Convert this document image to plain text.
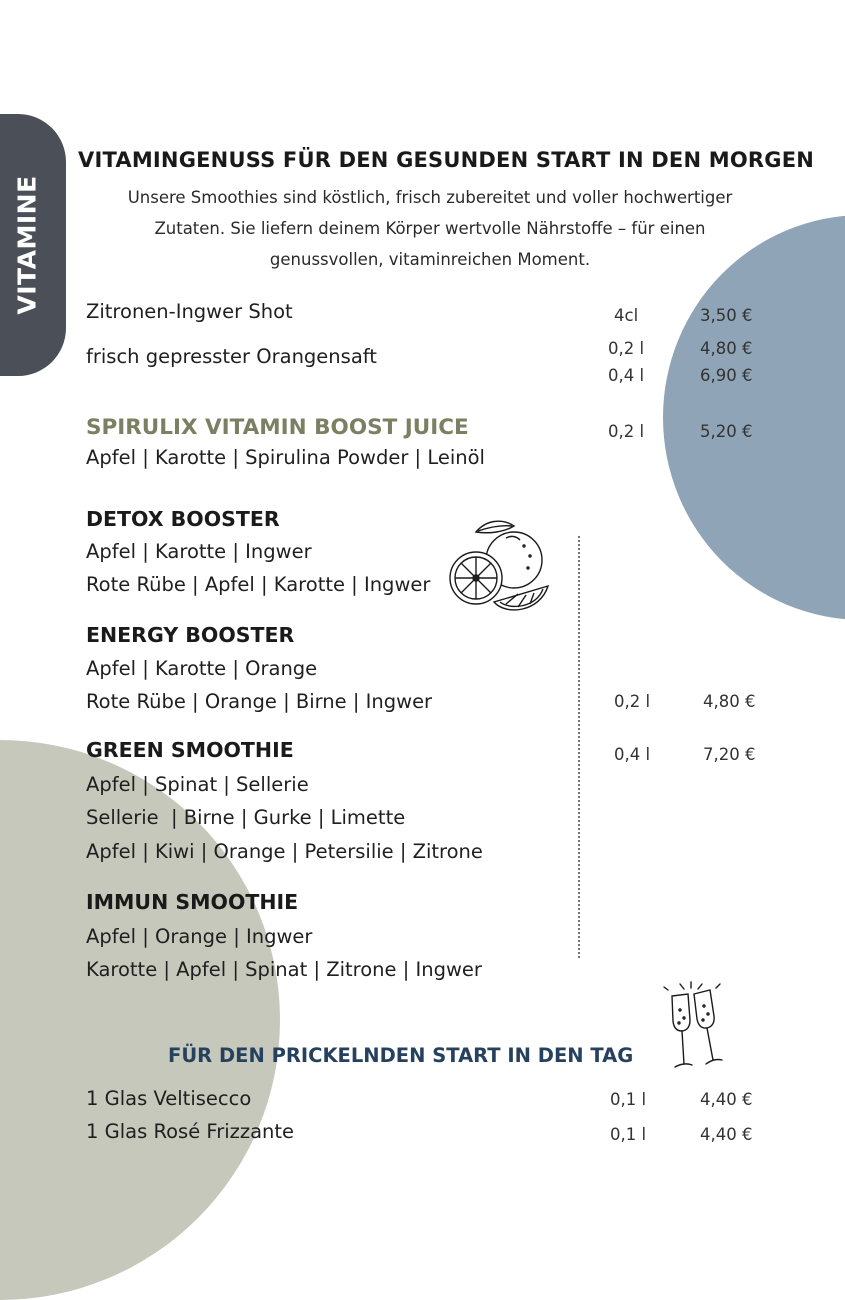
VITAMINE
VITAMINGENUSS FÜR DEN GESUNDEN START IN DEN MORGEN
Unsere Smoothies sind köstlich, frisch zubereitet und voller hochwertiger
Zutaten. Sie liefern deinem Körper wertvolle Nährstoffe – für einen
genussvollen, vitaminreichen Moment.
Zitronen-Ingwer Shot	4cl	3,50 €
frisch gepresster Orangensaft	0,2 l	4,80 €
0,4 l	6,90 €
SPIRULIX VITAMIN BOOST JUICE
Apfel | Karotte | Spirulina Powder | Leinöl
0,2 l	5,20 €
DETOX BOOSTER
Apfel | Karotte | Ingwer
Rote Rübe | Apfel | Karotte | Ingwer
ENERGY BOOSTER
Apfel | Karotte | Orange
Rote Rübe | Orange | Birne | Ingwer	0,2 l	4,80 €
0,4 l	7,20 €
GREEN SMOOTHIE
Apfel | Spinat | Sellerie
Sellerie  | Birne | Gurke | Limette
Apfel | Kiwi | Orange | Petersilie | Zitrone
IMMUN SMOOTHIE
Apfel | Orange | Ingwer
Karotte | Apfel | Spinat | Zitrone | Ingwer
FÜR DEN PRICKELNDEN START IN DEN TAG
1 Glas Veltisecco	0,1 l	4,40 €
1 Glas Rosé Frizzante	0,1 l	4,40 €
